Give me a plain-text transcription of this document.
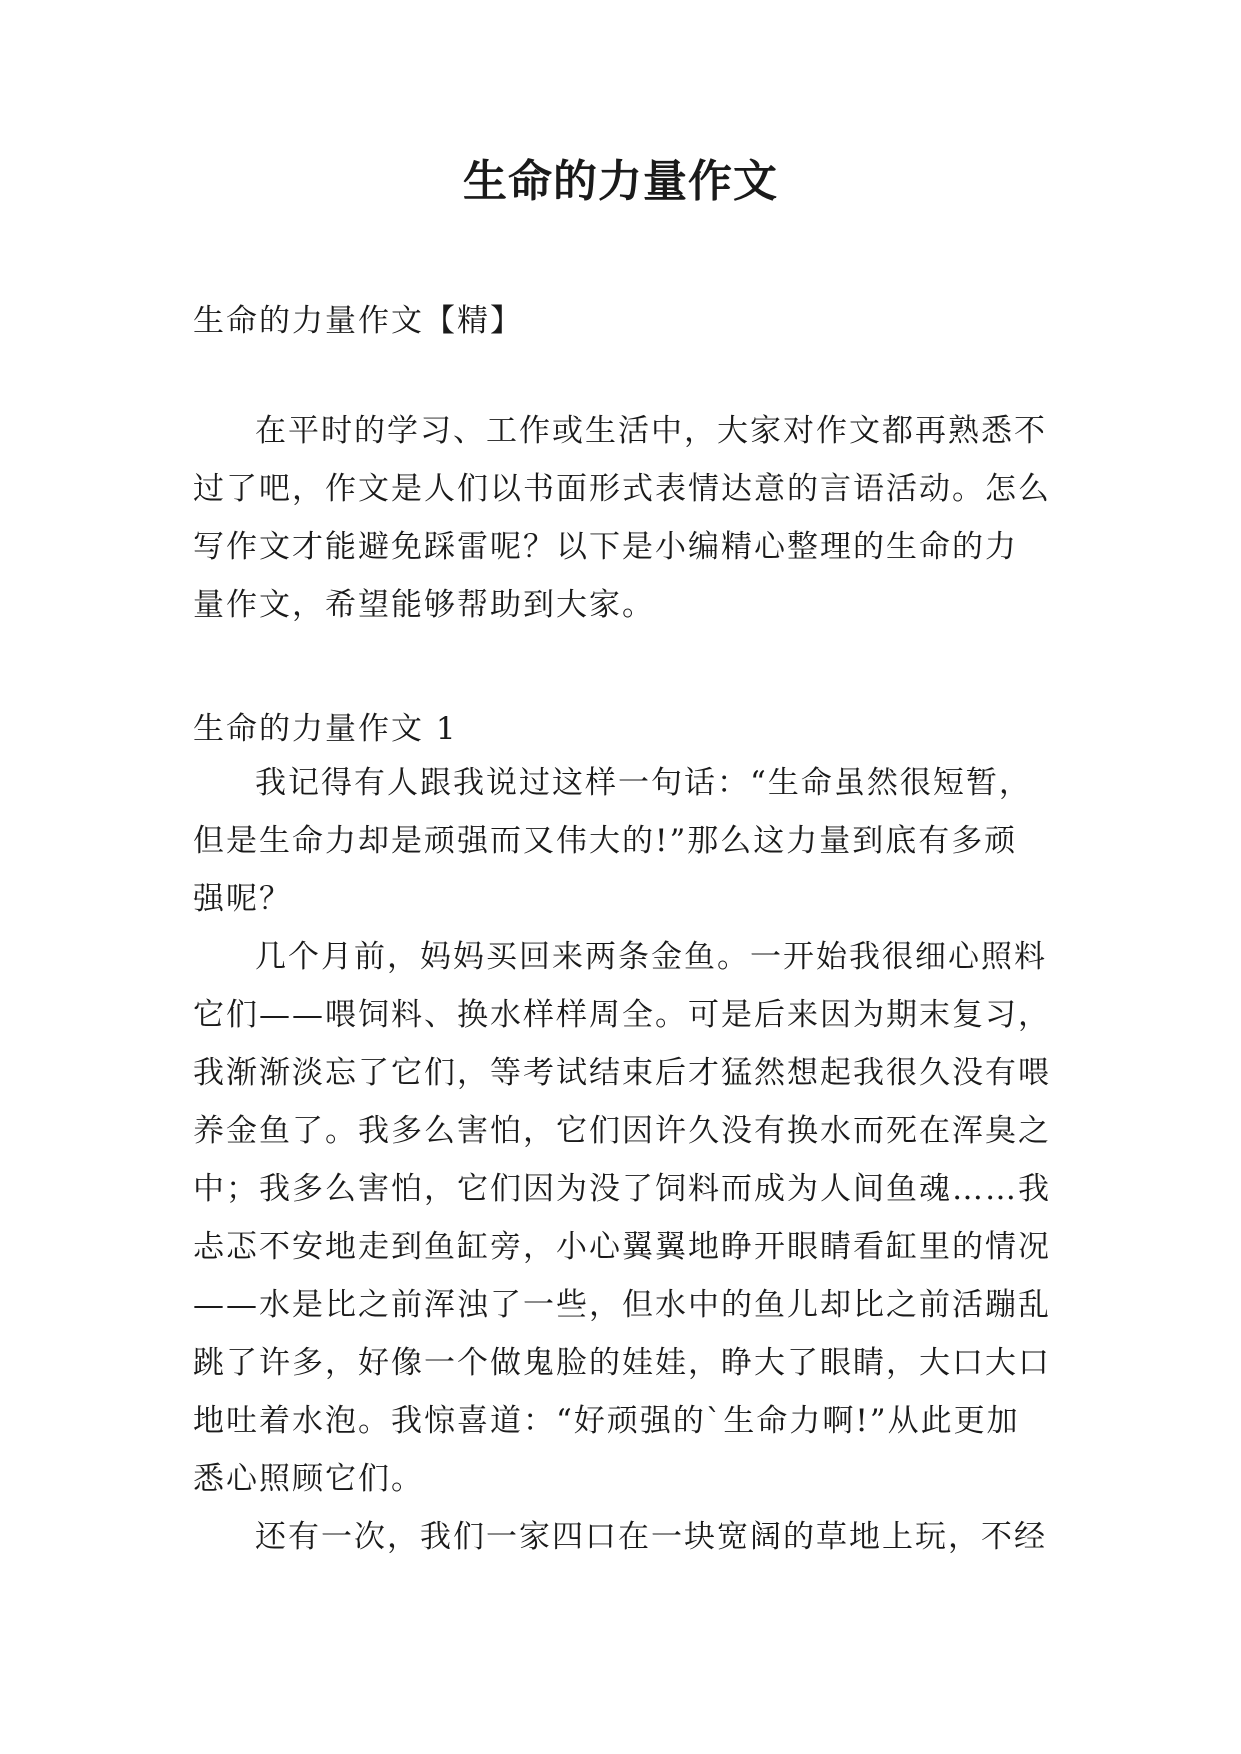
生命的力量作文
生命的力量作文【精】

在平时的学习、工作或生活中，大家对作文都再熟悉不
过了吧，作文是人们以书面形式表情达意的言语活动。怎么
写作文才能避免踩雷呢？以下是小编精心整理的生命的力
量作文，希望能够帮助到大家。

生命的力量作文 1

我记得有人跟我说过这样一句话：“生命虽然很短暂，
但是生命力却是顽强而又伟大的!”那么这力量到底有多顽
强呢？

几个月前，妈妈买回来两条金鱼。一开始我很细心照料
它们——喂饲料、换水样样周全。可是后来因为期末复习，
我渐渐淡忘了它们，等考试结束后才猛然想起我很久没有喂
养金鱼了。我多么害怕，它们因许久没有换水而死在浑臭之
中；我多么害怕，它们因为没了饲料而成为人间鱼魂……我
忐忑不安地走到鱼缸旁，小心翼翼地睁开眼睛看缸里的情况
——水是比之前浑浊了一些，但水中的鱼儿却比之前活蹦乱
跳了许多，好像一个做鬼脸的娃娃，睁大了眼睛，大口大口
地吐着水泡。我惊喜道：“好顽强的`生命力啊!”从此更加
悉心照顾它们。

还有一次，我们一家四口在一块宽阔的草地上玩，不经
